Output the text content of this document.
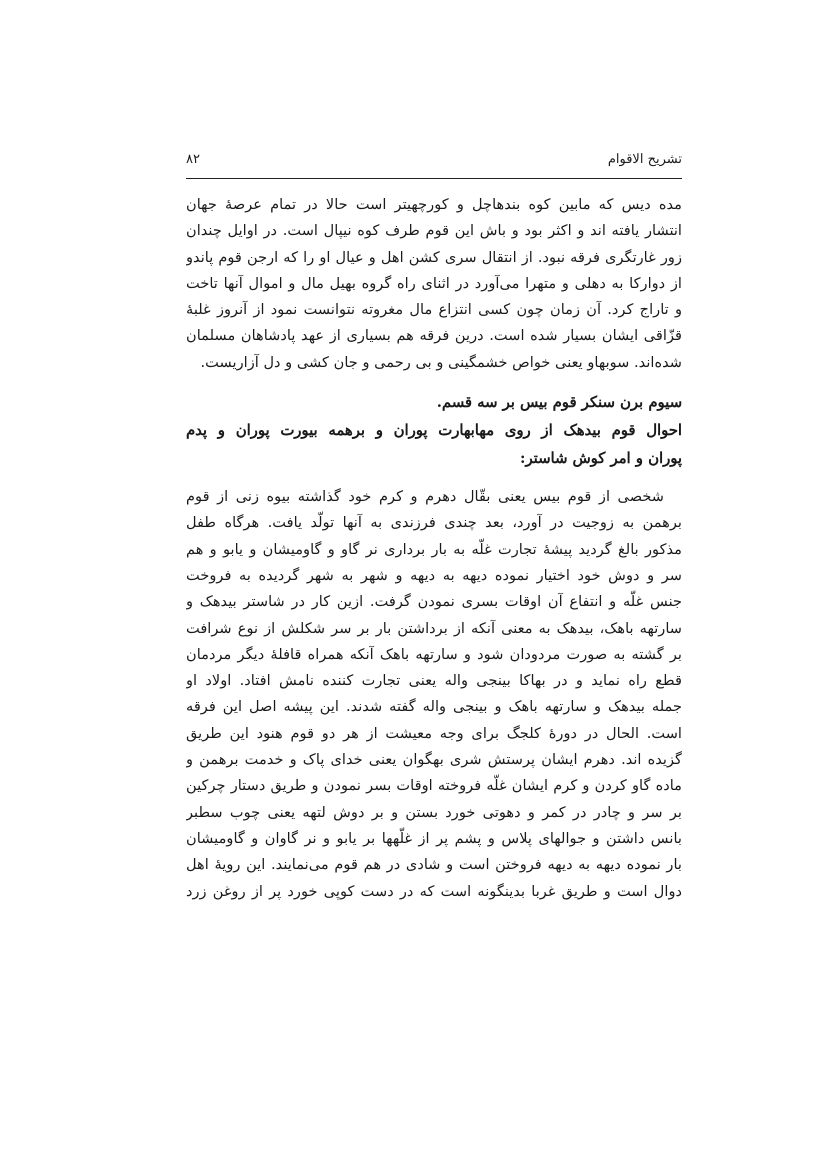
تشریح الاقوام
۸۲
مده دیس که مابین کوه بندهاچل و کورچهیتر است حالا در تمام عرصهٔ جهان
انتشار یافته اند و اکثر بود و باش این قوم طرف کوه نیپال است. در اوایل چندان
زور غارتگری فرقه نبود. از انتقال سری کشن اهل و عیال او را که ارجن قوم پاندو
از دوارکا به دهلی و متهرا می‌آورد در اثنای راه گروه بهیل مال و اموال آنها تاخت
و تاراج کرد. آن زمان چون کسی انتزاع مال مغروته نتوانست نمود از آنروز غلبهٔ
قزّاقی ایشان بسیار شده است. درین فرقه هم بسیاری از عهد پادشاهان مسلمان
شده‌اند. سوبهاو یعنی خواص خشمگینی و بی رحمی و جان کشی و دل آزاریست.
سیوم برن سنکر قوم بیس بر سه قسم.
احوال قوم بیدهک از روی مهابهارت پوران و برهمه بیورت پوران و پدم
پوران و امر کوش شاستر:
شخصی از قوم بیس یعنی بقّال دهرم و کرم خود گذاشته بیوه زنی از قوم
برهمن به زوجیت در آورد، بعد چندی فرزندی به آنها تولّد یافت. هرگاه طفل
مذکور بالغ گردید پیشهٔ تجارت غلّه به بار برداری نر گاو و گاومیشان و یابو و هم
سر و دوش خود اختیار نموده دیهه به دیهه و شهر به شهر گردیده به فروخت
جنس غلّه و انتفاع آن اوقات بسری نمودن گرفت. ازین کار در شاستر بیدهک و
سارتهه باهک، بیدهک به معنی آنکه از برداشتن بار بر سر شکلش از نوع شرافت
بر گشته به صورت مردودان شود و سارتهه باهک آنکه همراه قافلهٔ دیگر مردمان
قطع راه نماید و در بهاکا بینجی واله یعنی تجارت کننده نامش افتاد. اولاد او
جمله بیدهک و سارتهه باهک و بینجی واله گفته شدند. این پیشه اصل این فرقه
است. الحال در دورهٔ کلجگ برای وجه معیشت از هر دو قوم هنود این طریق
گزیده اند. دهرم ایشان پرستش شری بهگوان یعنی خدای پاک و خدمت برهمن و
ماده گاو کردن و کرم ایشان غلّه فروخته اوقات بسر نمودن و طریق دستار چرکین
بر سر و چادر در کمر و دهوتی خورد بستن و بر دوش لتهه یعنی چوب سطبر
بانس داشتن و جوالهای پلاس و پشم پر از غلّهها بر یابو و نر گاوان و گاومیشان
بار نموده دیهه به دیهه فروختن است و شادی در هم قوم می‌نمایند. این رویهٔ اهل
دوال است و طریق غربا بدینگونه است که در دست کوپی خورد پر از روغن زرد
